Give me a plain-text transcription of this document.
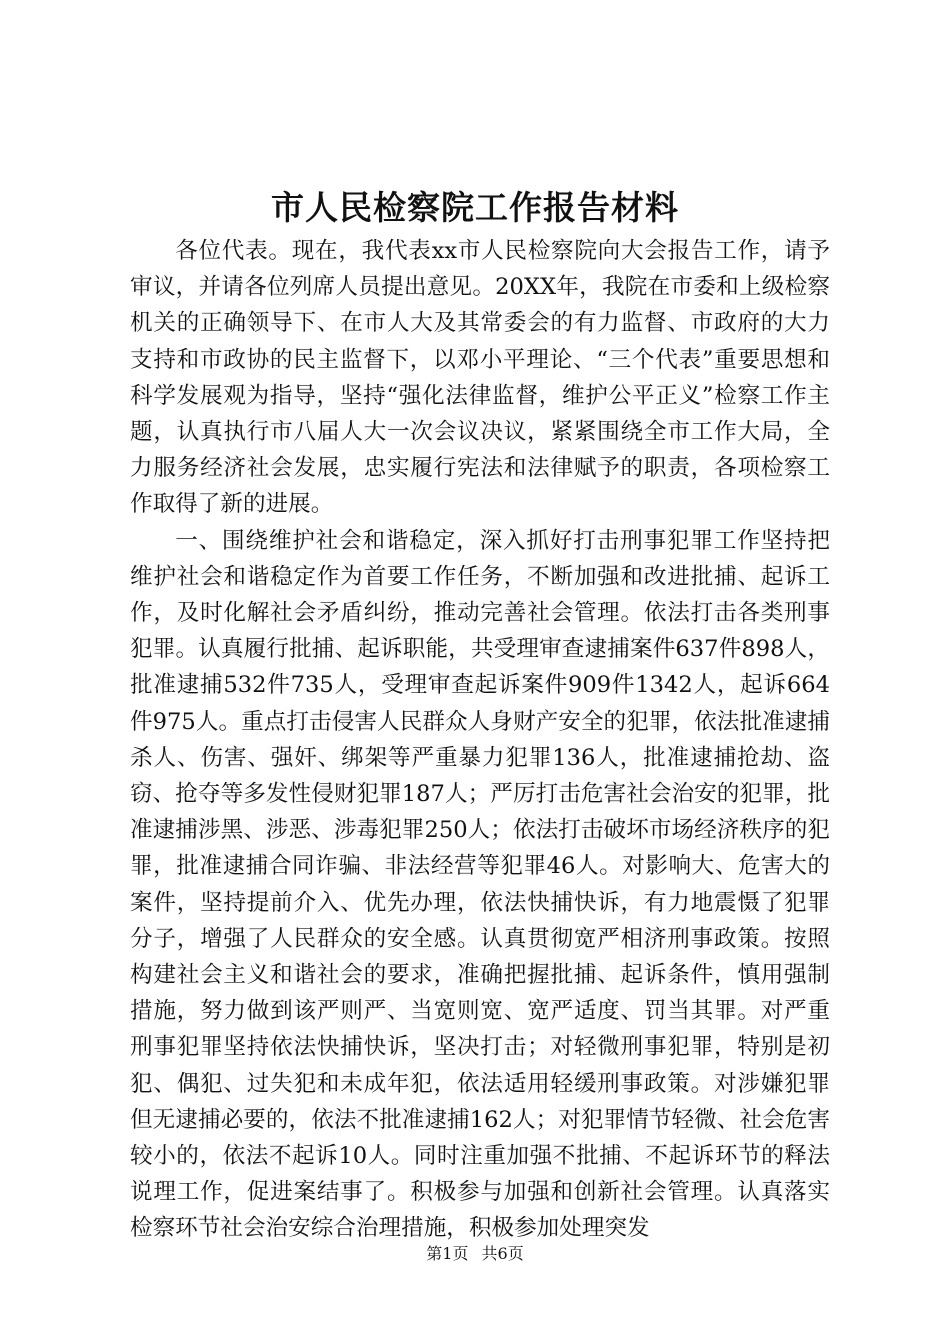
市人民检察院工作报告材料

各位代表。现在，我代表xx市人民检察院向大会报告工作，请予审议，并请各位列席人员提出意见。20XX年，我院在市委和上级检察机关的正确领导下、在市人大及其常委会的有力监督、市政府的大力支持和市政协的民主监督下，以邓小平理论、“三个代表”重要思想和科学发展观为指导，坚持“强化法律监督，维护公平正义”检察工作主题，认真执行市八届人大一次会议决议，紧紧围绕全市工作大局，全力服务经济社会发展，忠实履行宪法和法律赋予的职责，各项检察工作取得了新的进展。

一、围绕维护社会和谐稳定，深入抓好打击刑事犯罪工作坚持把维护社会和谐稳定作为首要工作任务，不断加强和改进批捕、起诉工作，及时化解社会矛盾纠纷，推动完善社会管理。依法打击各类刑事犯罪。认真履行批捕、起诉职能，共受理审查逮捕案件637件898人，批准逮捕532件735人，受理审查起诉案件909件1342人，起诉664件975人。重点打击侵害人民群众人身财产安全的犯罪，依法批准逮捕杀人、伤害、强奸、绑架等严重暴力犯罪136人，批准逮捕抢劫、盗窃、抢夺等多发性侵财犯罪187人；严厉打击危害社会治安的犯罪，批准逮捕涉黑、涉恶、涉毒犯罪250人；依法打击破坏市场经济秩序的犯罪，批准逮捕合同诈骗、非法经营等犯罪46人。对影响大、危害大的案件，坚持提前介入、优先办理，依法快捕快诉，有力地震慑了犯罪分子，增强了人民群众的安全感。认真贯彻宽严相济刑事政策。按照构建社会主义和谐社会的要求，准确把握批捕、起诉条件，慎用强制措施，努力做到该严则严、当宽则宽、宽严适度、罚当其罪。对严重刑事犯罪坚持依法快捕快诉，坚决打击；对轻微刑事犯罪，特别是初犯、偶犯、过失犯和未成年犯，依法适用轻缓刑事政策。对涉嫌犯罪但无逮捕必要的，依法不批准逮捕162人；对犯罪情节轻微、社会危害较小的，依法不起诉10人。同时注重加强不批捕、不起诉环节的释法说理工作，促进案结事了。积极参与加强和创新社会管理。认真落实检察环节社会治安综合治理措施，积极参加处理突发

第1页 共6页
